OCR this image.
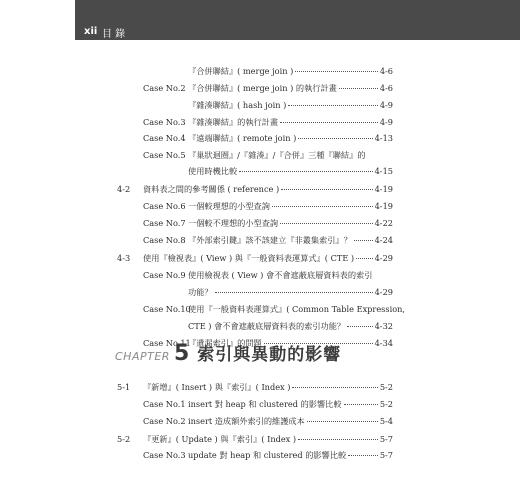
xii 目 錄
『合併聯結』( merge join )	4-6
Case No.2 『合併聯結』( merge join ) 的執行計畫	4-6
『雜湊聯結』( hash join )	4-9
Case No.3 『雜湊聯結』的執行計畫	4-9
Case No.4 『遠端聯結』( remote join )	4-13
Case No.5 『巢狀迴圈』/『雜湊』/『合併』三種『聯結』的
使用時機比較	4-15
4-2 資料表之間的參考關係 ( reference )	4-19
Case No.6 一個較理想的小型查詢	4-19
Case No.7 一個較不理想的小型查詢	4-22
Case No.8 『外部索引鍵』該不該建立『非叢集索引』？	4-24
4-3 使用『檢視表』( View ) 與『一般資料表運算式』( CTE ) 4-29
Case No.9 使用檢視表 ( View ) 會不會遮蔽底層資料表的索引
功能？	4-29
Case No.10
使用『一般資料表運算式』( Common Table Expression,
CTE ) 會不會遮蔽底層資料表的索引功能？	4-32
Case No.11
『遺漏索引』的問題	4-34
5-1 『新增』( Insert ) 與『索引』( Index )	5-2
Case No.1 insert 對 heap 和 clustered 的影響比較	5-2
Case No.2 insert 造成額外索引的維護成本	5-4
5-2 『更新』( Update ) 與『索引』( Index )	5-7
Case No.3 update 對 heap 和 clustered 的影響比較	5-7
CHAPTER 5 索引與異動的影響
